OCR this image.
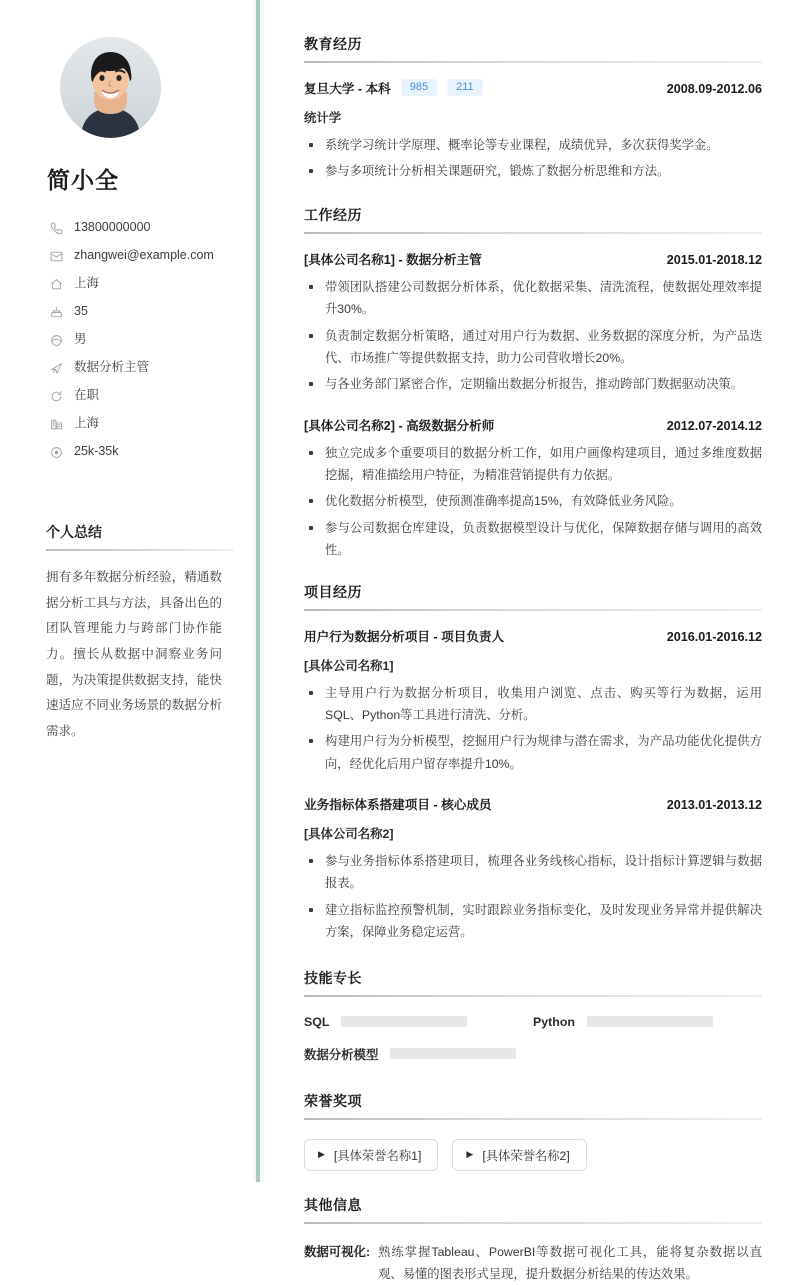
简小全
13800000000
zhangwei@example.com
上海
35
男
数据分析主管
在职
上海
25k-35k
个人总结
拥有多年数据分析经验，精通数据分析工具与方法，具备出色的团队管理能力与跨部门协作能力。擅长从数据中洞察业务问题，为决策提供数据支持，能快速适应不同业务场景的数据分析需求。
教育经历
复旦大学 - 本科	985	211	2008.09-2012.06
统计学
系统学习统计学原理、概率论等专业课程，成绩优异，多次获得奖学金。
参与多项统计分析相关课题研究，锻炼了数据分析思维和方法。
工作经历
[具体公司名称1] - 数据分析主管	2015.01-2018.12
带领团队搭建公司数据分析体系，优化数据采集、清洗流程，使数据处理效率提升30%。
负责制定数据分析策略，通过对用户行为数据、业务数据的深度分析，为产品迭代、市场推广等提供数据支持，助力公司营收增长20%。
与各业务部门紧密合作，定期输出数据分析报告，推动跨部门数据驱动决策。
[具体公司名称2] - 高级数据分析师	2012.07-2014.12
独立完成多个重要项目的数据分析工作，如用户画像构建项目，通过多维度数据挖掘，精准描绘用户特征，为精准营销提供有力依据。
优化数据分析模型，使预测准确率提高15%，有效降低业务风险。
参与公司数据仓库建设，负责数据模型设计与优化，保障数据存储与调用的高效性。
项目经历
用户行为数据分析项目 - 项目负责人	2016.01-2016.12
[具体公司名称1]
主导用户行为数据分析项目，收集用户浏览、点击、购买等行为数据，运用SQL、Python等工具进行清洗、分析。
构建用户行为分析模型，挖掘用户行为规律与潜在需求，为产品功能优化提供方向，经优化后用户留存率提升10%。
业务指标体系搭建项目 - 核心成员	2013.01-2013.12
[具体公司名称2]
参与业务指标体系搭建项目，梳理各业务线核心指标，设计指标计算逻辑与数据报表。
建立指标监控预警机制，实时跟踪业务指标变化，及时发现业务异常并提供解决方案，保障业务稳定运营。
技能专长
SQL	Python
数据分析模型
荣誉奖项
▶ [具体荣誉名称1]	▶ [具体荣誉名称2]
其他信息
数据可视化: 熟练掌握Tableau、PowerBI等数据可视化工具，能将复杂数据以直观、易懂的图表形式呈现，提升数据分析结果的传达效果。
